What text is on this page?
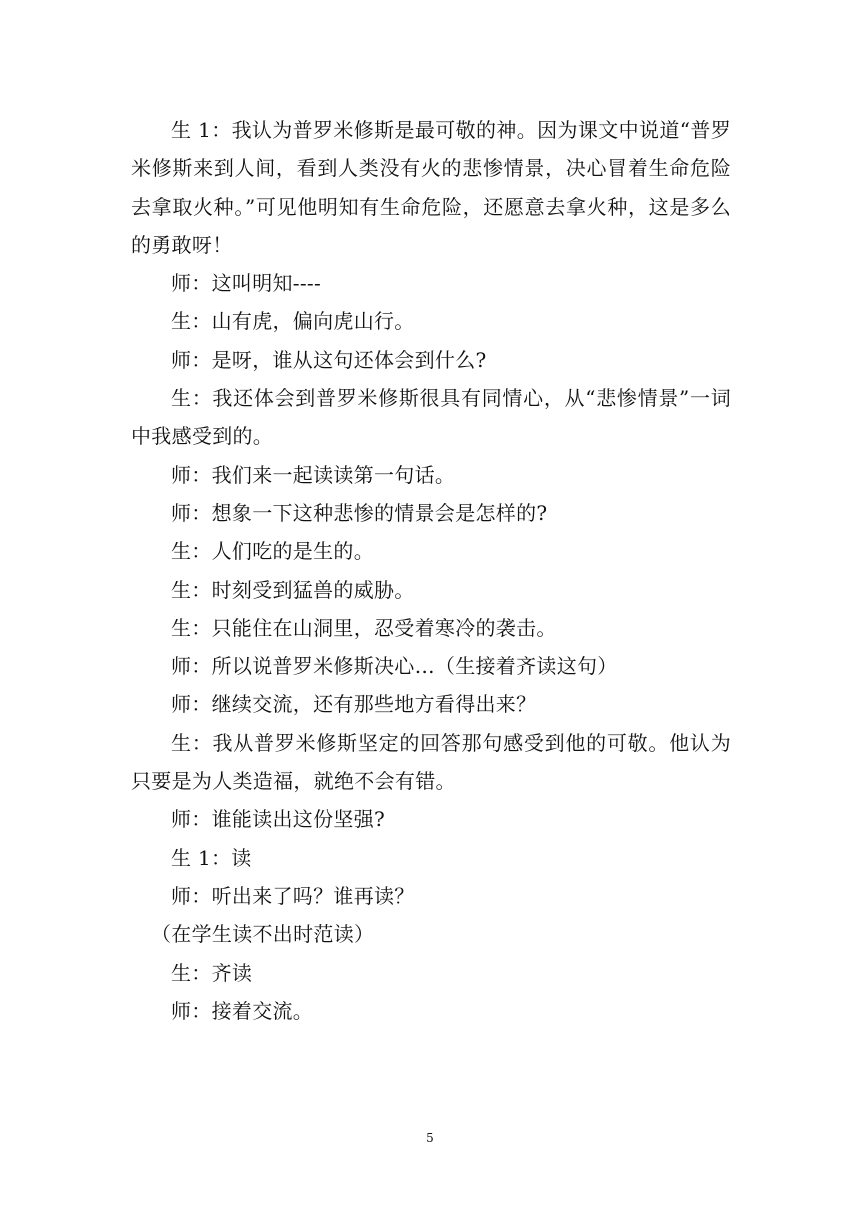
生 1：我认为普罗米修斯是最可敬的神。因为课文中说道“普罗米修斯来到人间，看到人类没有火的悲惨情景，决心冒着生命危险去拿取火种。”可见他明知有生命危险，还愿意去拿火种，这是多么的勇敢呀！

师：这叫明知----

生：山有虎，偏向虎山行。

师：是呀，谁从这句还体会到什么?

生：我还体会到普罗米修斯很具有同情心，从“悲惨情景”一词中我感受到的。

师：我们来一起读读第一句话。

师：想象一下这种悲惨的情景会是怎样的?

生：人们吃的是生的。

生：时刻受到猛兽的威胁。

生：只能住在山洞里，忍受着寒冷的袭击。

师：所以说普罗米修斯决心…（生接着齐读这句）

师：继续交流，还有那些地方看得出来？

生：我从普罗米修斯坚定的回答那句感受到他的可敬。他认为只要是为人类造福，就绝不会有错。

师：谁能读出这份坚强?

生 1：读

师：听出来了吗？谁再读？

（在学生读不出时范读）

生：齐读

师：接着交流。

5
